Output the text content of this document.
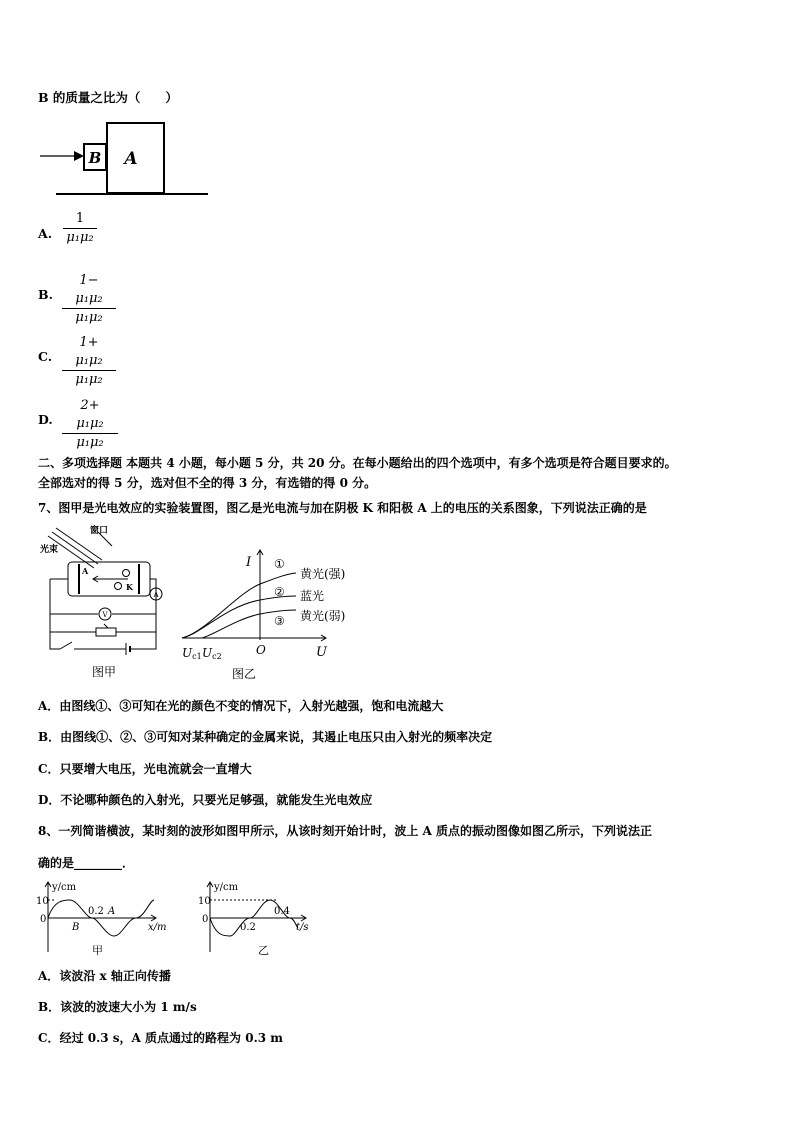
B 的质量之比为（　　）
B A
A. $\frac{1}{\text{μ₁μ₂}}$
B. $\frac{\text{1− μ₁μ₂}}{\text{μ₁μ₂}}$
C. $\frac{\text{1+ μ₁μ₂}}{\text{μ₁μ₂}}$
D. $\frac{\text{2+ μ₁μ₂}}{\text{μ₁μ₂}}$
二、多项选择题 本题共 4 小题，每小题 5 分，共 20 分。在每小题给出的四个选项中，有多个选项是符合题目要求的。
全部选对的得 5 分，选对但不全的得 3 分，有选错的得 0 分。
7、图甲是光电效应的实验装置图，图乙是光电流与加在阴极 K 和阳极 A 上的电压的关系图象，下列说法正确的是
光束
窗口
A
K
A
V
图甲
I
U
O
Uc1 Uc2
①
②
③
黄光(强)
蓝光
黄光(弱)
图乙
A．由图线①、③可知在光的颜色不变的情况下，入射光越强，饱和电流越大
B．由图线①、②、③可知对某种确定的金属来说，其遏止电压只由入射光的频率决定
C．只要增大电压，光电流就会一直增大
D．不论哪种颜色的入射光，只要光足够强，就能发生光电效应
8、一列简谐横波，某时刻的波形如图甲所示，从该时刻开始计时，波上 A 质点的振动图像如图乙所示，下列说法正
确的是________．
y/cm
10
0
0.2 A
B	x/m
甲
y/cm
10
0
0.2
0.4
t/s
乙
A．该波沿 x 轴正向传播
B．该波的波速大小为 1 m/s
C．经过 0.3 s，A 质点通过的路程为 0.3 m
